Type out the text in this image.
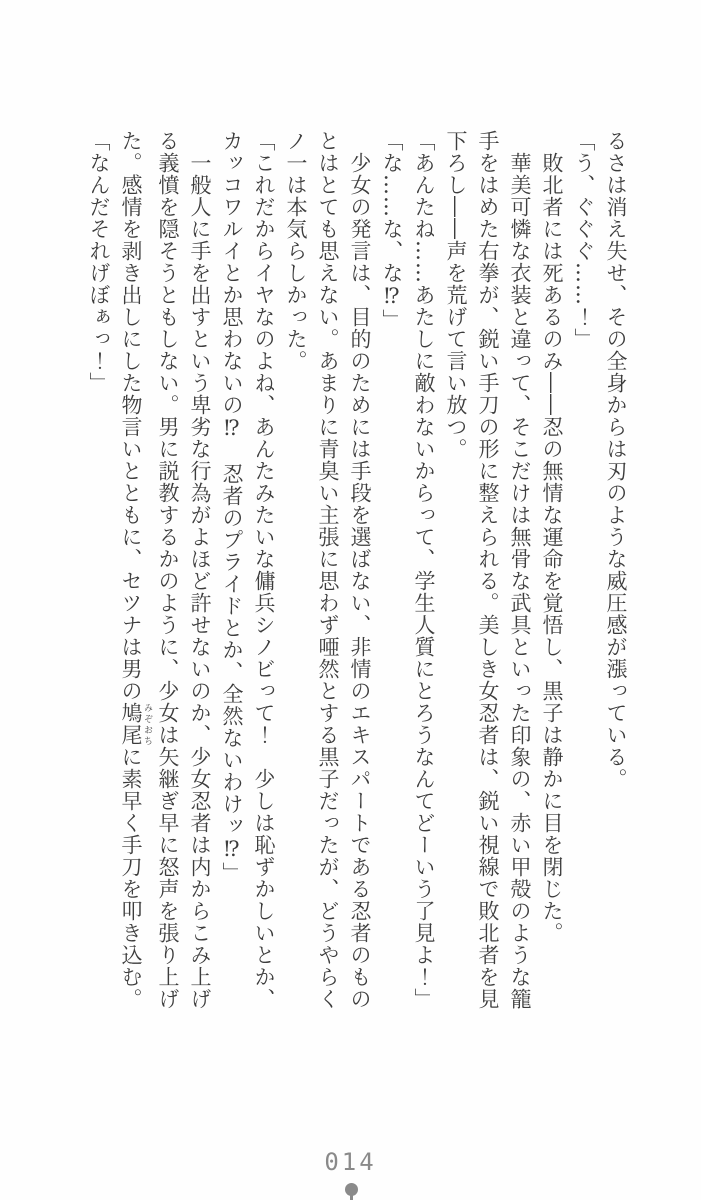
るさは消え失せ、その全身からは刃のような威圧感が漲っている。

「う、ぐぐぐ……！」

　敗北者には死あるのみ――忍の無情な運命を覚悟し、黒子は静かに目を閉じた。

　華美可憐な衣装と違って、そこだけは無骨な武具といった印象の、赤い甲殻のような籠

手をはめた右拳が、鋭い手刀の形に整えられる。美しき女忍者は、鋭い視線で敗北者を見

下ろし――声を荒げて言い放つ。

「あんたね……あたしに敵わないからって、学生人質にとろうなんてどーいう了見よ！」

「な……な、な⁉」

　少女の発言は、目的のためには手段を選ばない、非情のエキスパートである忍者のもの

とはとても思えない。あまりに青臭い主張に思わず唖然とする黒子だったが、どうやらく

ノ一は本気らしかった。

「これだからイヤなのよね、あんたみたいな傭兵シノビって！　少しは恥ずかしいとか、

カッコワルイとか思わないの⁉　忍者のプライドとか、全然ないわけッ⁉」

　一般人に手を出すという卑劣な行為がよほど許せないのか、少女忍者は内からこみ上げ

る義憤を隠そうともしない。男に説教するかのように、少女は矢継ぎ早に怒声を張り上げ

た。感情を剥き出しにした物言いとともに、セツナは男の鳩尾 みぞおちに素早く手刀を叩き込む。

「なんだそれげぼぁっ！」

014
